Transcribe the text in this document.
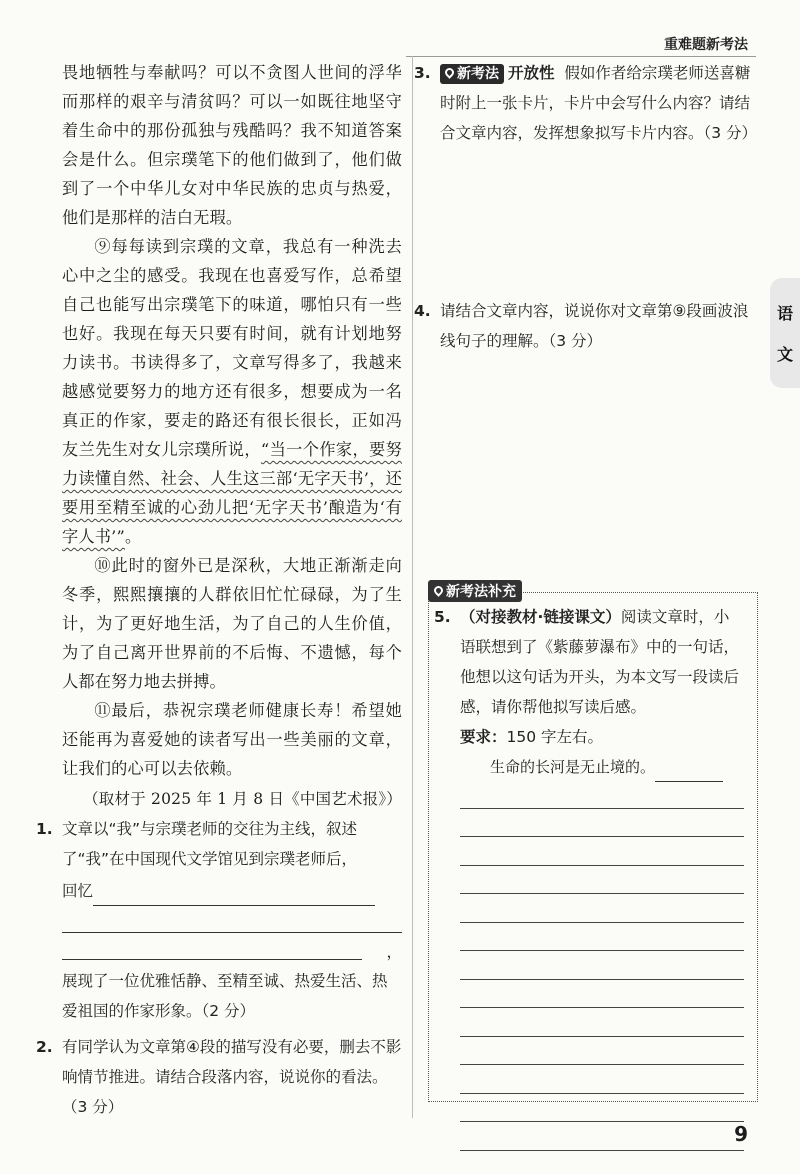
重难题新考法
语
文

畏地牺牲与奉献吗？可以不贪图人世间的浮华而那样的艰辛与清贫吗？可以一如既往地坚守着生命中的那份孤独与残酷吗？我不知道答案会是什么。但宗璞笔下的他们做到了，他们做到了一个中华儿女对中华民族的忠贞与热爱，他们是那样的洁白无瑕。

⑨每每读到宗璞的文章，我总有一种洗去心中之尘的感受。我现在也喜爱写作，总希望自己也能写出宗璞笔下的味道，哪怕只有一些也好。我现在每天只要有时间，就有计划地努力读书。书读得多了，文章写得多了，我越来越感觉要努力的地方还有很多，想要成为一名真正的作家，要走的路还有很长很长，正如冯友兰先生对女儿宗璞所说，“当一个作家，要努力读懂自然、社会、人生这三部‘无字天书’，还要用至精至诚的心劲儿把‘无字天书’酿造为‘有字人书’”。

⑩此时的窗外已是深秋，大地正渐渐走向冬季，熙熙攘攘的人群依旧忙忙碌碌，为了生计，为了更好地生活，为了自己的人生价值，为了自己离开世界前的不后悔、不遗憾，每个人都在努力地去拼搏。

⑪最后，恭祝宗璞老师健康长寿！希望她还能再为喜爱她的读者写出一些美丽的文章，让我们的心可以去依赖。

（取材于 2025 年 1 月 8 日《中国艺术报》）
1. 文章以“我”与宗璞老师的交往为主线，叙述了“我”在中国现代文学馆见到宗璞老师后，
回忆
，
展现了一位优雅恬静、至精至诚、热爱生活、热爱祖国的作家形象。（2 分）
2. 有同学认为文章第④段的描写没有必要，删去不影响情节推进。请结合段落内容，说说你的看法。（3 分）
3. 新考法 开放性 假如作者给宗璞老师送喜糖时附上一张卡片，卡片中会写什么内容？请结合文章内容，发挥想象拟写卡片内容。（3 分）
4. 请结合文章内容，说说你对文章第⑨段画波浪线句子的理解。（3 分）
新考法补充
5. （对接教材·链接课文）阅读文章时，小语联想到了《紫藤萝瀑布》中的一句话，他想以这句话为开头，为本文写一段读后感，请你帮他拟写读后感。
要求：150 字左右。
生命的长河是无止境的。
9
